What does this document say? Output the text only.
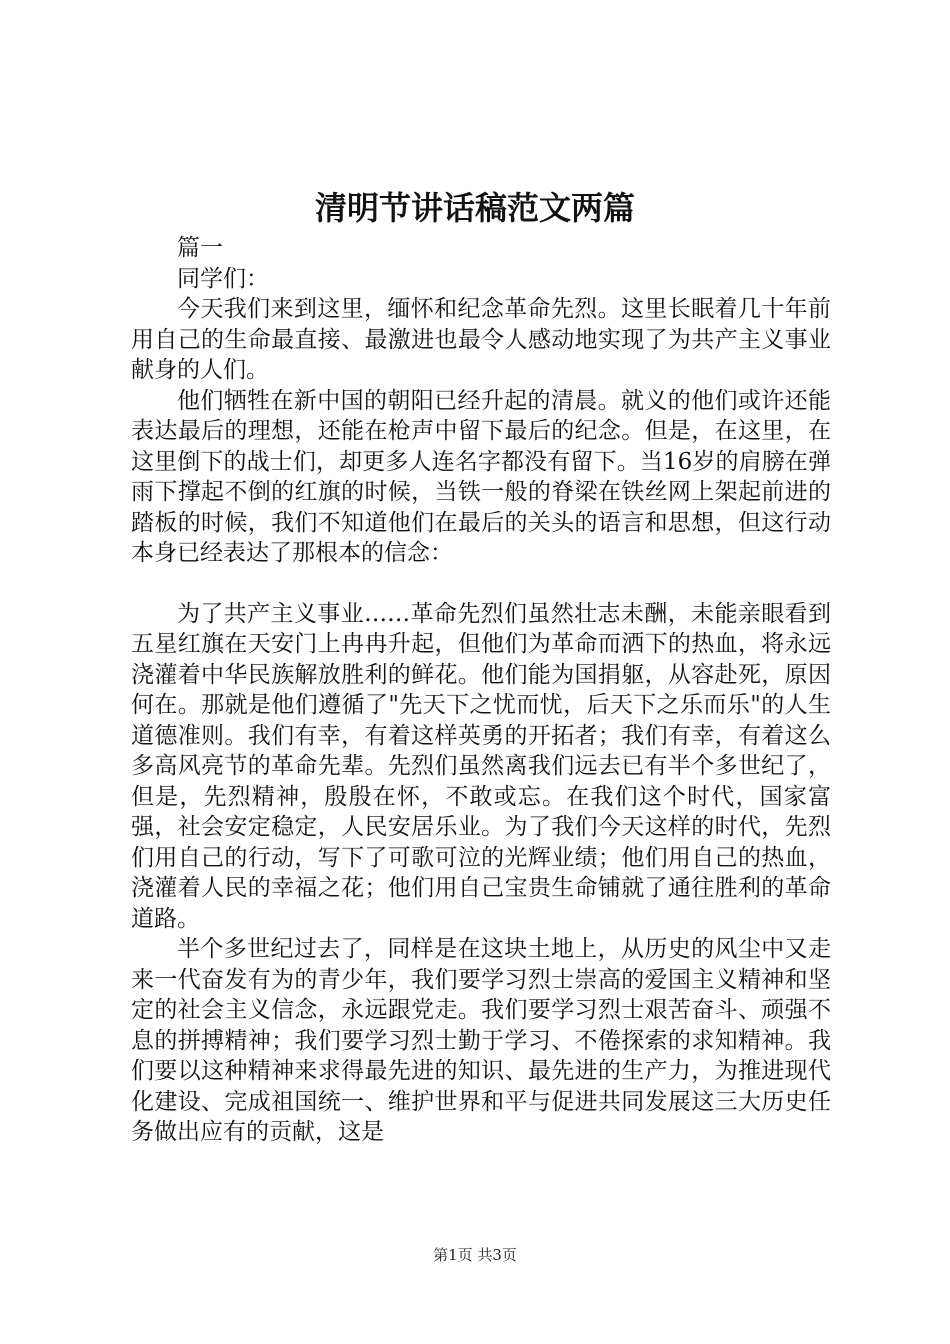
清明节讲话稿范文两篇

篇一

同学们：

今天我们来到这里，缅怀和纪念革命先烈。这里长眠着几十年前用自己的生命最直接、最激进也最令人感动地实现了为共产主义事业献身的人们。

他们牺牲在新中国的朝阳已经升起的清晨。就义的他们或许还能表达最后的理想，还能在枪声中留下最后的纪念。但是，在这里，在这里倒下的战士们，却更多人连名字都没有留下。当16岁的肩膀在弹雨下撑起不倒的红旗的时候，当铁一般的脊梁在铁丝网上架起前进的踏板的时候，我们不知道他们在最后的关头的语言和思想，但这行动本身已经表达了那根本的信念：

为了共产主义事业……革命先烈们虽然壮志未酬，未能亲眼看到五星红旗在天安门上冉冉升起，但他们为革命而洒下的热血，将永远浇灌着中华民族解放胜利的鲜花。他们能为国捐躯，从容赴死，原因何在。那就是他们遵循了"先天下之忧而忧，后天下之乐而乐"的人生道德准则。我们有幸，有着这样英勇的开拓者；我们有幸，有着这么多高风亮节的革命先辈。先烈们虽然离我们远去已有半个多世纪了，但是，先烈精神，殷殷在怀，不敢或忘。在我们这个时代，国家富强，社会安定稳定，人民安居乐业。为了我们今天这样的时代，先烈们用自己的行动，写下了可歌可泣的光辉业绩；他们用自己的热血，浇灌着人民的幸福之花；他们用自己宝贵生命铺就了通往胜利的革命道路。

半个多世纪过去了，同样是在这块土地上，从历史的风尘中又走来一代奋发有为的青少年，我们要学习烈士崇高的爱国主义精神和坚定的社会主义信念，永远跟党走。我们要学习烈士艰苦奋斗、顽强不息的拼搏精神；我们要学习烈士勤于学习、不倦探索的求知精神。我们要以这种精神来求得最先进的知识、最先进的生产力，为推进现代化建设、完成祖国统一、维护世界和平与促进共同发展这三大历史任务做出应有的贡献，这是

第1页 共3页
